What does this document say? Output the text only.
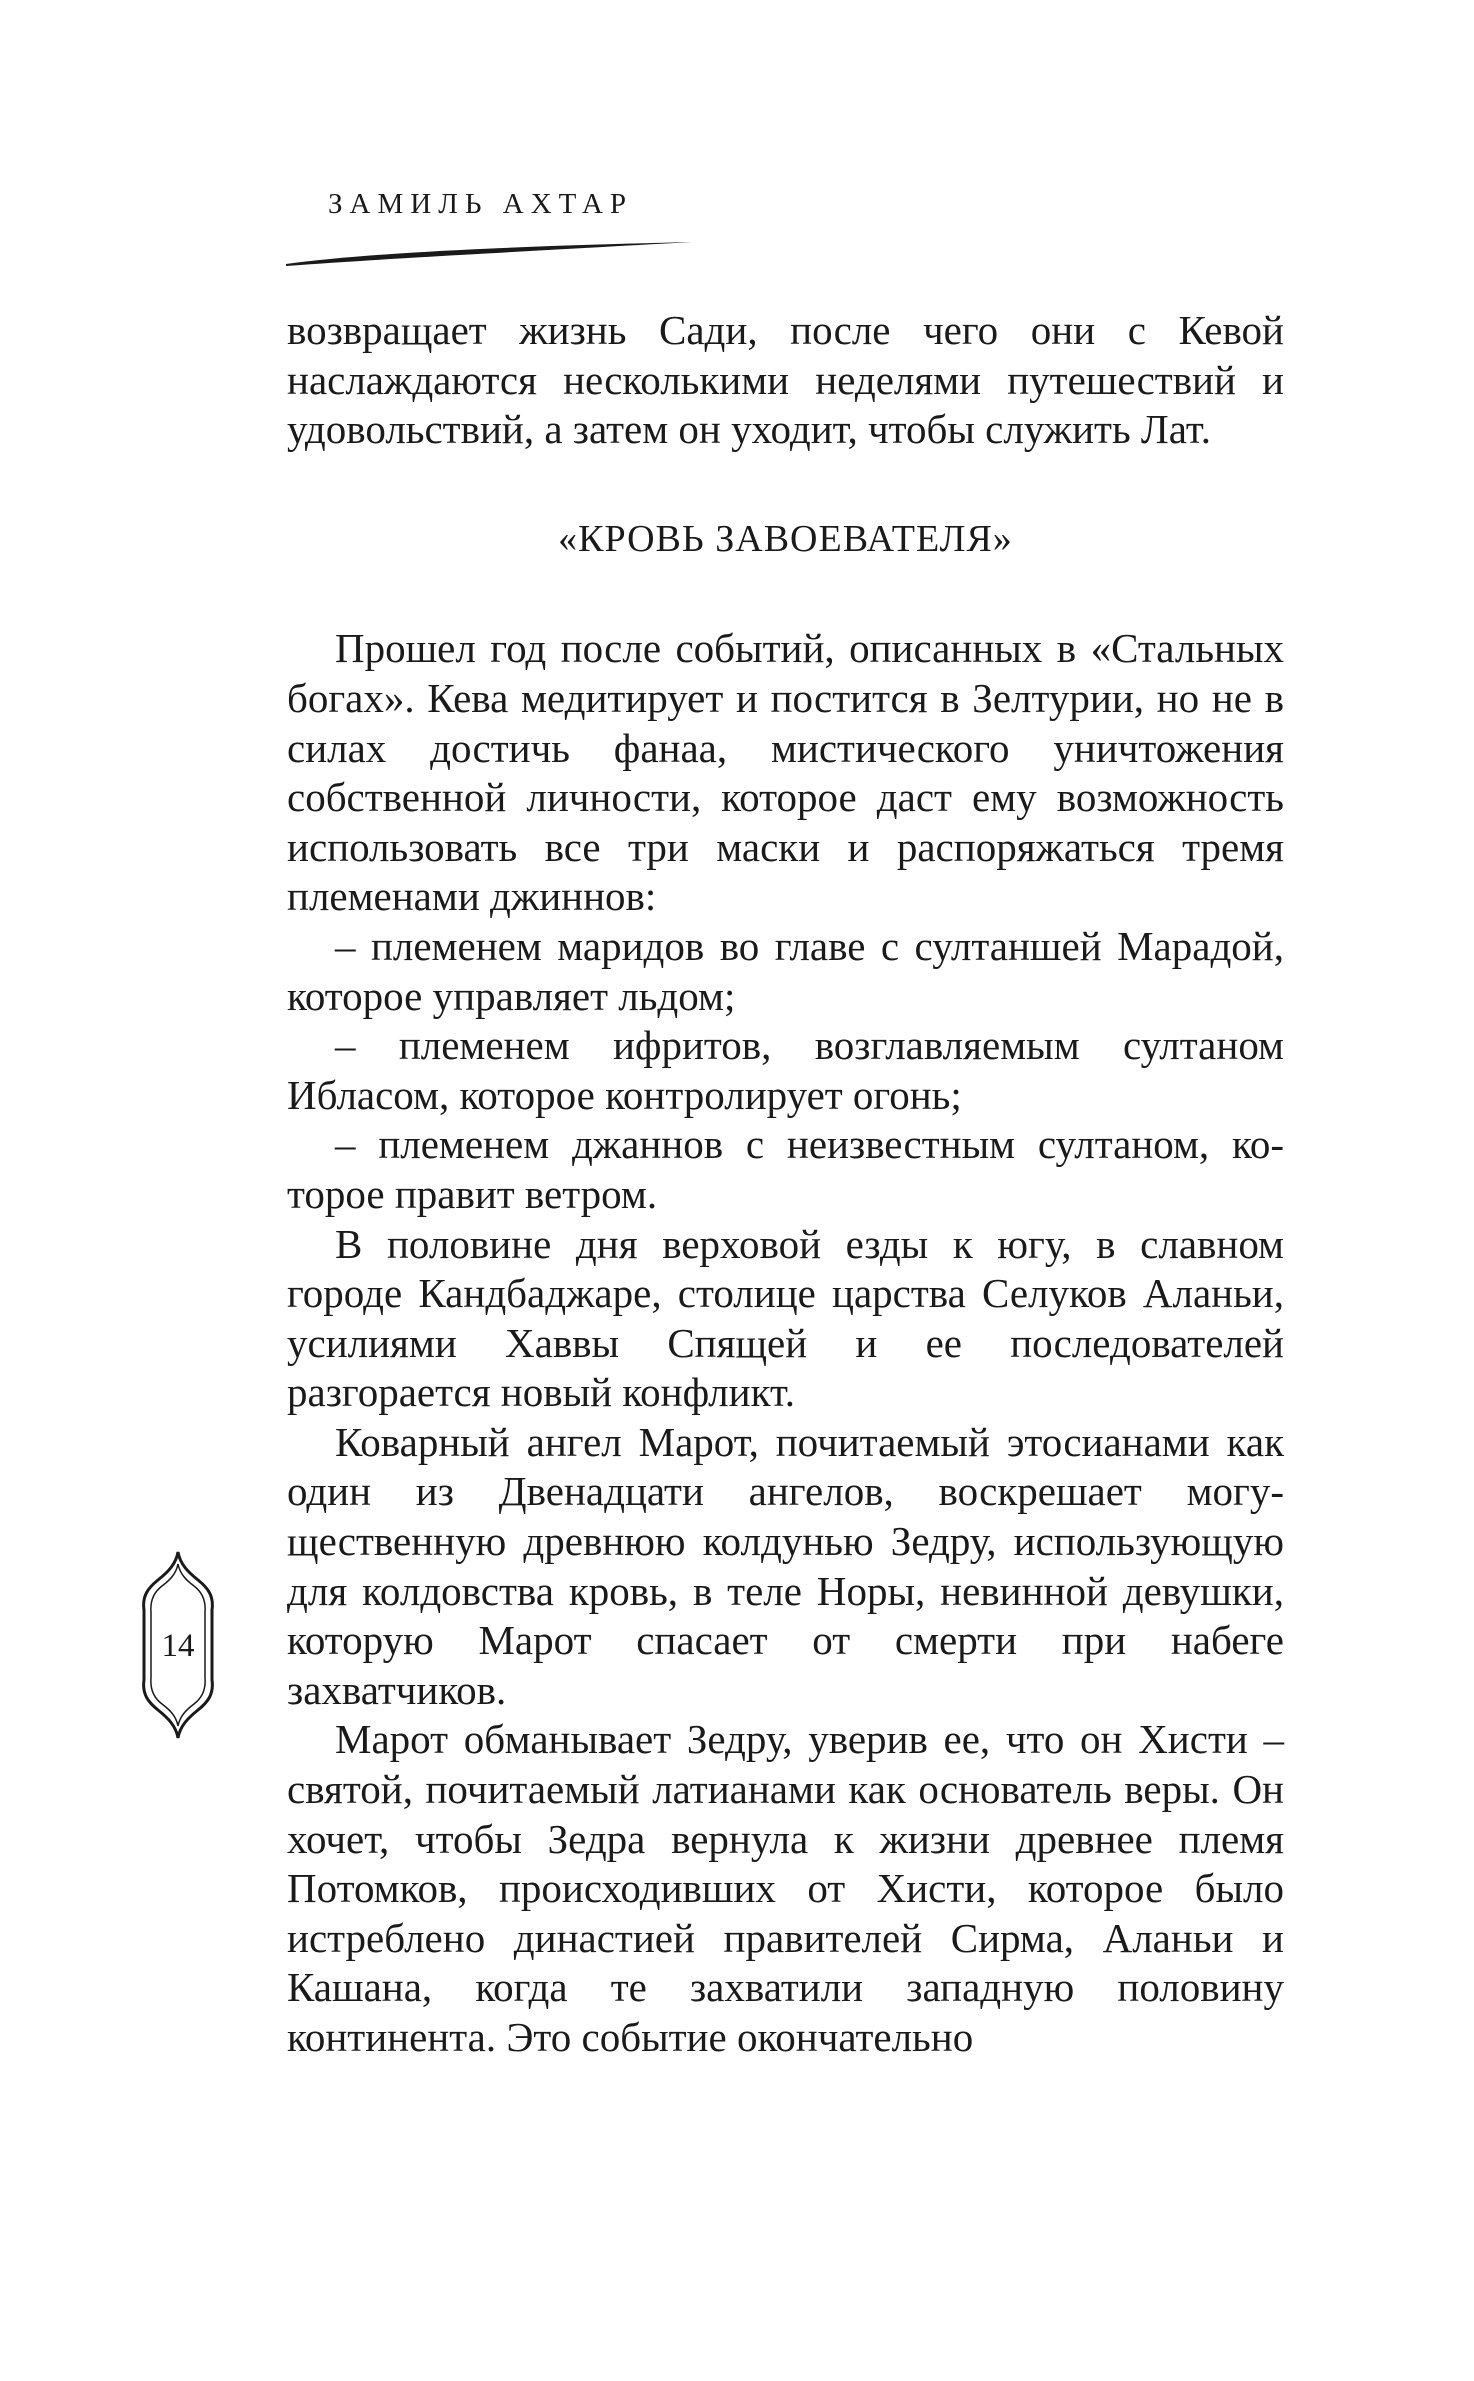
ЗАМИЛЬ АХТАР

возвращает жизнь Сади, после чего они с Кевой наслаждаются несколькими неделями путешествий и удовольствий, а затем он уходит, чтобы служить Лат.

«КРОВЬ ЗАВОЕВАТЕЛЯ»

Прошел год после событий, описанных в «Стальных богах». Кева медитирует и постится в Зелтурии, но не в силах достичь фанаа, мистического уничтожения собственной личности, которое даст ему возможность использовать все три маски и распоряжаться тремя племенами джиннов:

– племенем маридов во главе с султаншей Марадой, которое управляет льдом;

– племенем ифритов, возглавляемым султаном Ибласом, которое контролирует огонь;

– племенем джаннов с неизвестным султаном, которое правит ветром.

В половине дня верховой езды к югу, в славном городе Кандбаджаре, столице царства Селуков Аланьи, усилиями Хаввы Спящей и ее последователей разгорается новый конфликт.

Коварный ангел Марот, почитаемый этосианами как один из Двенадцати ангелов, воскрешает могущественную древнюю колдунью Зедру, использующую для колдовства кровь, в теле Норы, невинной девушки, которую Марот спасает от смерти при набеге захватчиков.

Марот обманывает Зедру, уверив ее, что он Хисти – святой, почитаемый латианами как основатель веры. Он хочет, чтобы Зедра вернула к жизни древнее племя Потомков, происходивших от Хисти, которое было истреблено династией правителей Сирма, Аланьи и Кашана, когда те захватили западную половину континента. Это событие окончательно

14
